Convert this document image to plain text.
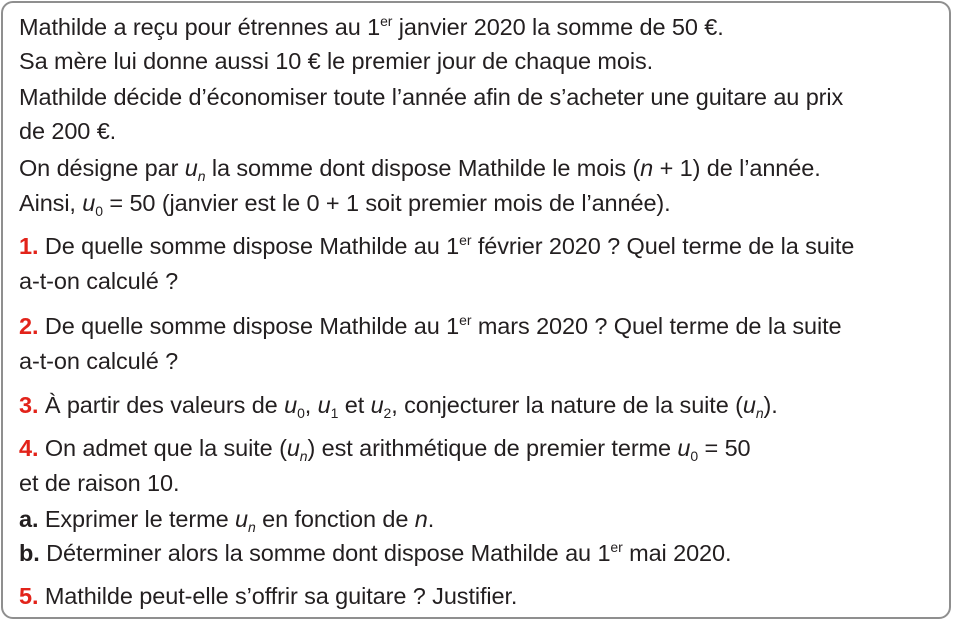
Mathilde a reçu pour étrennes au 1er janvier 2020 la somme de 50 €.
Sa mère lui donne aussi 10 € le premier jour de chaque mois.
Mathilde décide d’économiser toute l’année afin de s’acheter une guitare au prix
de 200 €.
On désigne par $u_n$ la somme dont dispose Mathilde le mois (n + 1) de l’année.
Ainsi, $u_0 = 50$ (janvier est le 0 + 1 soit premier mois de l’année).
1. De quelle somme dispose Mathilde au 1er février 2020 ? Quel terme de la suite
a-t-on calculé ?
2. De quelle somme dispose Mathilde au 1er mars 2020 ? Quel terme de la suite
a-t-on calculé ?
3. À partir des valeurs de $u_0$, $u_1$ et $u_2$, conjecturer la nature de la suite $(u_n)$.
4. On admet que la suite $(u_n)$ est arithmétique de premier terme $u_0 = 50$
et de raison 10.
a. Exprimer le terme $u_n$ en fonction de n.
b. Déterminer alors la somme dont dispose Mathilde au 1er mai 2020.
5. Mathilde peut-elle s’offrir sa guitare ? Justifier.
